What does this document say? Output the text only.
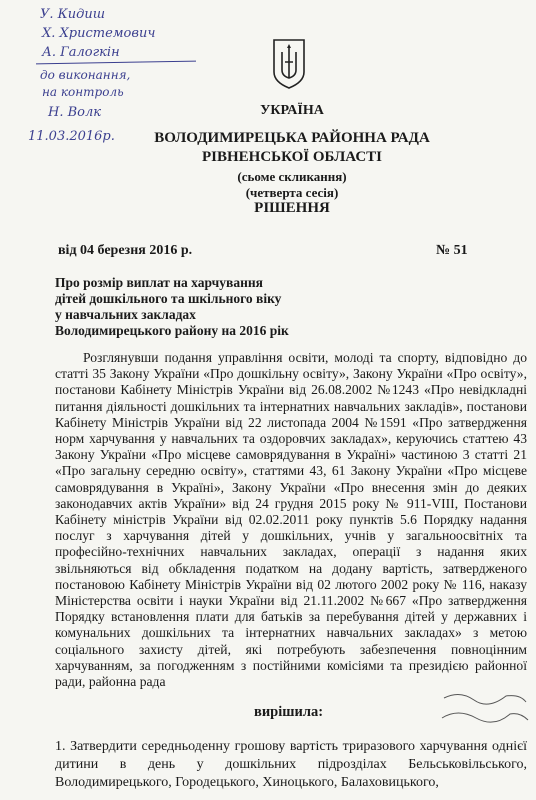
У. Кидиш

Х. Христемович

А. Галогкін

до виконання,

на контроль

Н. Волк

11.03.2016р.

УКРАЇНА

ВОЛОДИМИРЕЦЬКА РАЙОННА РАДА

РІВНЕНСЬКОЇ ОБЛАСТІ

(сьоме скликання)

(четверта сесія)

РІШЕННЯ

від 04 березня 2016 р.	№ 51

Про розмір виплат на харчування

дітей дошкільного та шкільного віку

у навчальних закладах

Володимирецького району на 2016 рік

Розглянувши подання управління освіти, молоді та спорту, відповідно до статті 35 Закону України «Про дошкільну освіту», Закону України «Про освіту», постанови Кабінету Міністрів України від 26.08.2002 №1243 «Про невідкладні питання діяльності дошкільних та інтернатних навчальних закладів», постанови Кабінету Міністрів України від 22 листопада 2004 №1591 «Про затвердження норм харчування у навчальних та оздоровчих закладах», керуючись статтею 43 Закону України «Про місцеве самоврядування в Україні» частиною 3 статті 21 «Про загальну середню освіту», статтями 43, 61 Закону України «Про місцеве самоврядування в Україні», Закону України «Про внесення змін до деяких законодавчих актів України» від 24 грудня 2015 року № 911-VIII, Постанови Кабінету міністрів України від 02.02.2011 року пунктів 5.6 Порядку надання послуг з харчування дітей у дошкільних, учнів у загальноосвітніх та професійно-технічних навчальних закладах, операції з надання яких звільняються від обкладення податком на додану вартість, затвердженого постановою Кабінету Міністрів України від 02 лютого 2002 року № 116, наказу Міністерства освіти і науки України від 21.11.2002 №667 «Про затвердження Порядку встановлення плати для батьків за перебування дітей у державних і комунальних дошкільних та інтернатних навчальних закладах» з метою соціального захисту дітей, які потребують забезпечення повноцінним харчуванням, за погодженням з постійними комісіями та президією районної ради, районна рада

вирішила:

1. Затвердити середньоденну грошову вартість триразового харчування однієї дитини в день у дошкільних підрозділах Бельськовільського, Володимирецького, Городецького, Хиноцького, Балаховицького,
